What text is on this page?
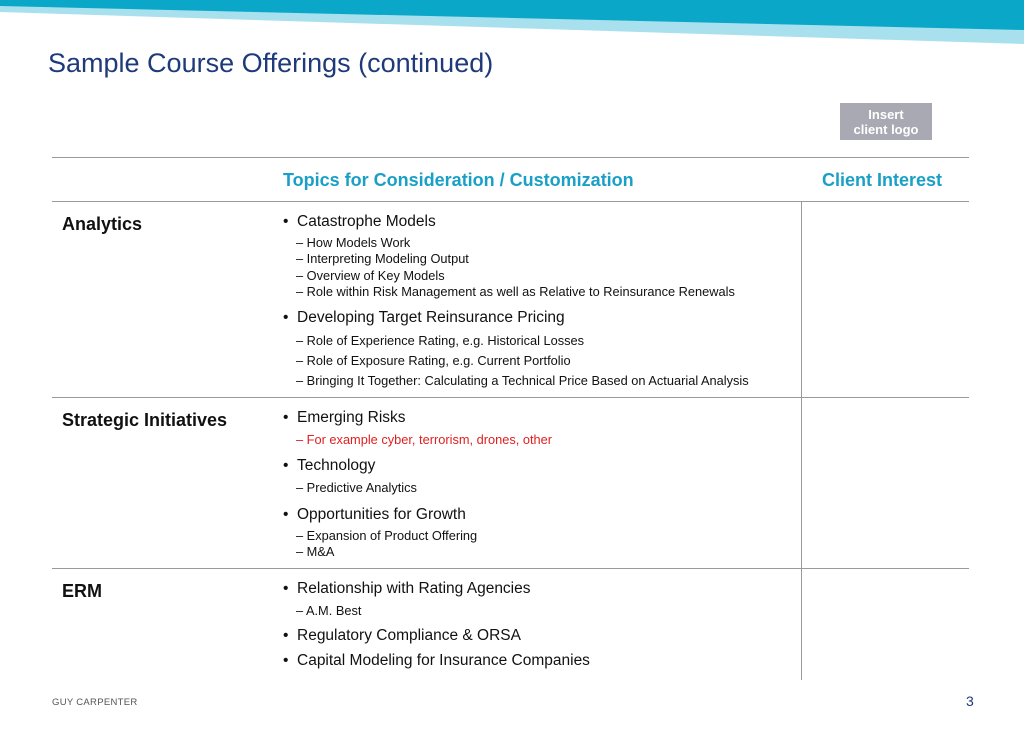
Sample Course Offerings (continued)
Insert
client logo
Topics for Consideration / Customization	Client Interest
Analytics	• Catastrophe Models
– How Models Work
– Interpreting Modeling Output
– Overview of Key Models
– Role within Risk Management as well as Relative to Reinsurance Renewals
• Developing Target Reinsurance Pricing
– Role of Experience Rating, e.g. Historical Losses
– Role of Exposure Rating, e.g. Current Portfolio
– Bringing It Together: Calculating a Technical Price Based on Actuarial Analysis
Strategic Initiatives	• Emerging Risks
– For example cyber, terrorism, drones, other
• Technology
– Predictive Analytics
• Opportunities for Growth
– Expansion of Product Offering
– M&A
ERM	• Relationship with Rating Agencies
– A.M. Best
• Regulatory Compliance & ORSA
• Capital Modeling for Insurance Companies
GUY CARPENTER	3
